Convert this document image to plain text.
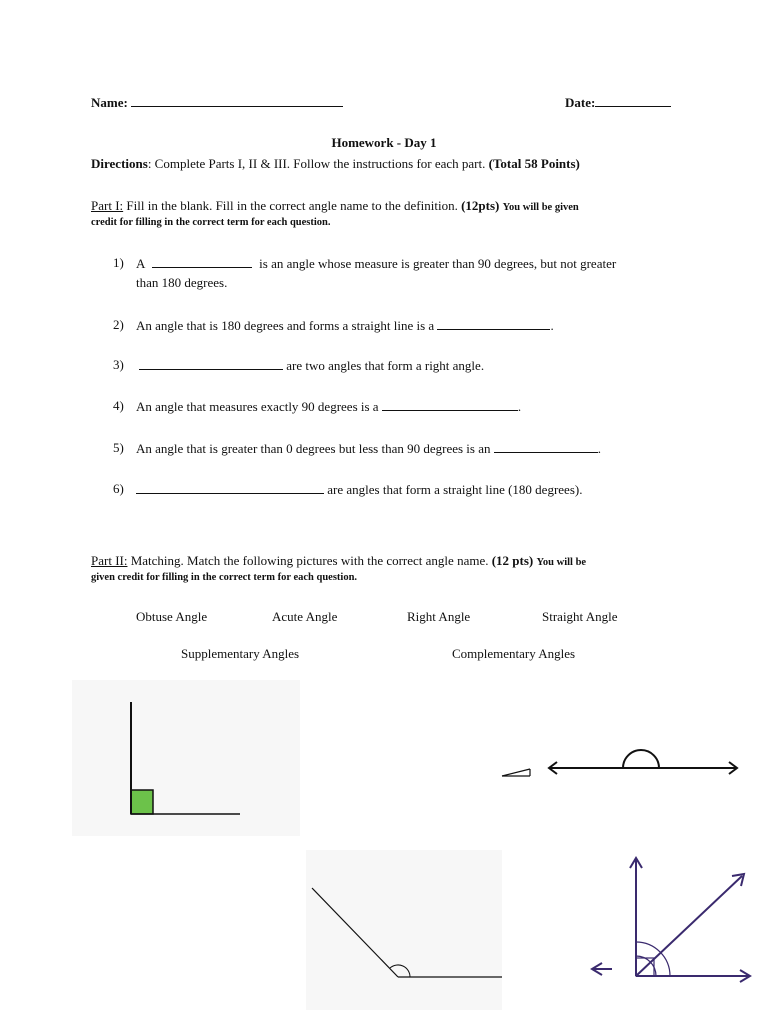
Name:	Date:
Homework - Day 1
Directions: Complete Parts I, II & III. Follow the instructions for each part. (Total 58 Points)
Part I: Fill in the blank. Fill in the correct angle name to the definition. (12pts) You will be given
credit for filling in the correct term for each question.
1) A	is an angle whose measure is greater than 90 degrees, but not greater
than 180 degrees.
2) An angle that is 180 degrees and forms a straight line is a	.
3)	are two angles that form a right angle.
4) An angle that measures exactly 90 degrees is a	.
5) An angle that is greater than 0 degrees but less than 90 degrees is an	.
6)	are angles that form a straight line (180 degrees).
Part II: Matching. Match the following pictures with the correct angle name. (12 pts) You will be
given credit for filling in the correct term for each question.
Obtuse Angle	Acute Angle	Right Angle	Straight Angle
Supplementary Angles	Complementary Angles
